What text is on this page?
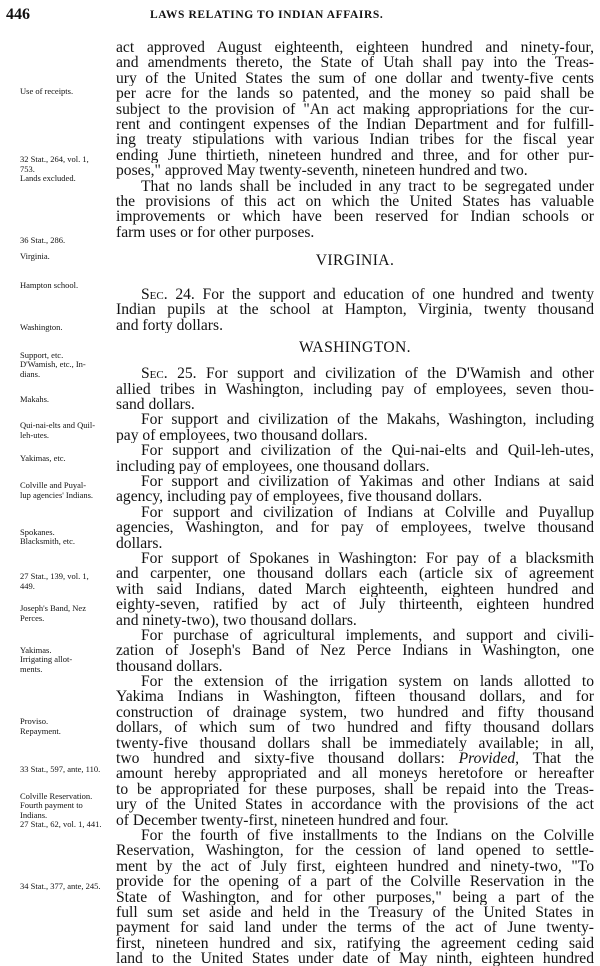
446	LAWS RELATING TO INDIAN AFFAIRS.
Use of receipts.
32 Stat., 264, vol. 1,
753.
Lands excluded.
36 Stat., 286.
Virginia.
Hampton school.
Washington.
Support, etc.
D'Wamish, etc., In-
dians.
Makahs.
Qui-nai-elts and Quil-
leh-utes.
Yakimas, etc.
Colville and Puyal-
lup agencies' Indians.
Spokanes.
Blacksmith, etc.
27 Stat., 139, vol. 1,
449.
Joseph's Band, Nez
Perces.
Yakimas.
Irrigating allot-
ments.
Proviso.
Repayment.
33 Stat., 597, ante, 110.
Colville Reservation.
Fourth payment to
Indians.
27 Stat., 62, vol. 1, 441.
34 Stat., 377, ante, 245.
act approved August eighteenth, eighteen hundred and ninety-four,
and amendments thereto, the State of Utah shall pay into the Treas-
ury of the United States the sum of one dollar and twenty-five cents
per acre for the lands so patented, and the money so paid shall be
subject to the provision of "An act making appropriations for the cur-
rent and contingent expenses of the Indian Department and for fulfill-
ing treaty stipulations with various Indian tribes for the fiscal year
ending June thirtieth, nineteen hundred and three, and for other pur-
poses," approved May twenty-seventh, nineteen hundred and two.
That no lands shall be included in any tract to be segregated under
the provisions of this act on which the United States has valuable
improvements or which have been reserved for Indian schools or
farm uses or for other purposes.
VIRGINIA.
Sec. 24. For the support and education of one hundred and twenty
Indian pupils at the school at Hampton, Virginia, twenty thousand
and forty dollars.
WASHINGTON.
Sec. 25. For support and civilization of the D'Wamish and other
allied tribes in Washington, including pay of employees, seven thou-
sand dollars.
For support and civilization of the Makahs, Washington, including
pay of employees, two thousand dollars.
For support and civilization of the Qui-nai-elts and Quil-leh-utes,
including pay of employees, one thousand dollars.
For support and civilization of Yakimas and other Indians at said
agency, including pay of employees, five thousand dollars.
For support and civilization of Indians at Colville and Puyallup
agencies, Washington, and for pay of employees, twelve thousand
dollars.
For support of Spokanes in Washington: For pay of a blacksmith
and carpenter, one thousand dollars each (article six of agreement
with said Indians, dated March eighteenth, eighteen hundred and
eighty-seven, ratified by act of July thirteenth, eighteen hundred
and ninety-two), two thousand dollars.
For purchase of agricultural implements, and support and civili-
zation of Joseph's Band of Nez Perce Indians in Washington, one
thousand dollars.
For the extension of the irrigation system on lands allotted to
Yakima Indians in Washington, fifteen thousand dollars, and for
construction of drainage system, two hundred and fifty thousand
dollars, of which sum of two hundred and fifty thousand dollars
twenty-five thousand dollars shall be immediately available; in all,
two hundred and sixty-five thousand dollars: Provided, That the
amount hereby appropriated and all moneys heretofore or hereafter
to be appropriated for these purposes, shall be repaid into the Treas-
ury of the United States in accordance with the provisions of the act
of December twenty-first, nineteen hundred and four.
For the fourth of five installments to the Indians on the Colville
Reservation, Washington, for the cession of land opened to settle-
ment by the act of July first, eighteen hundred and ninety-two, "To
provide for the opening of a part of the Colville Reservation in the
State of Washington, and for other purposes," being a part of the
full sum set aside and held in the Treasury of the United States in
payment for said land under the terms of the act of June twenty-
first, nineteen hundred and six, ratifying the agreement ceding said
land to the United States under date of May ninth, eighteen hundred
